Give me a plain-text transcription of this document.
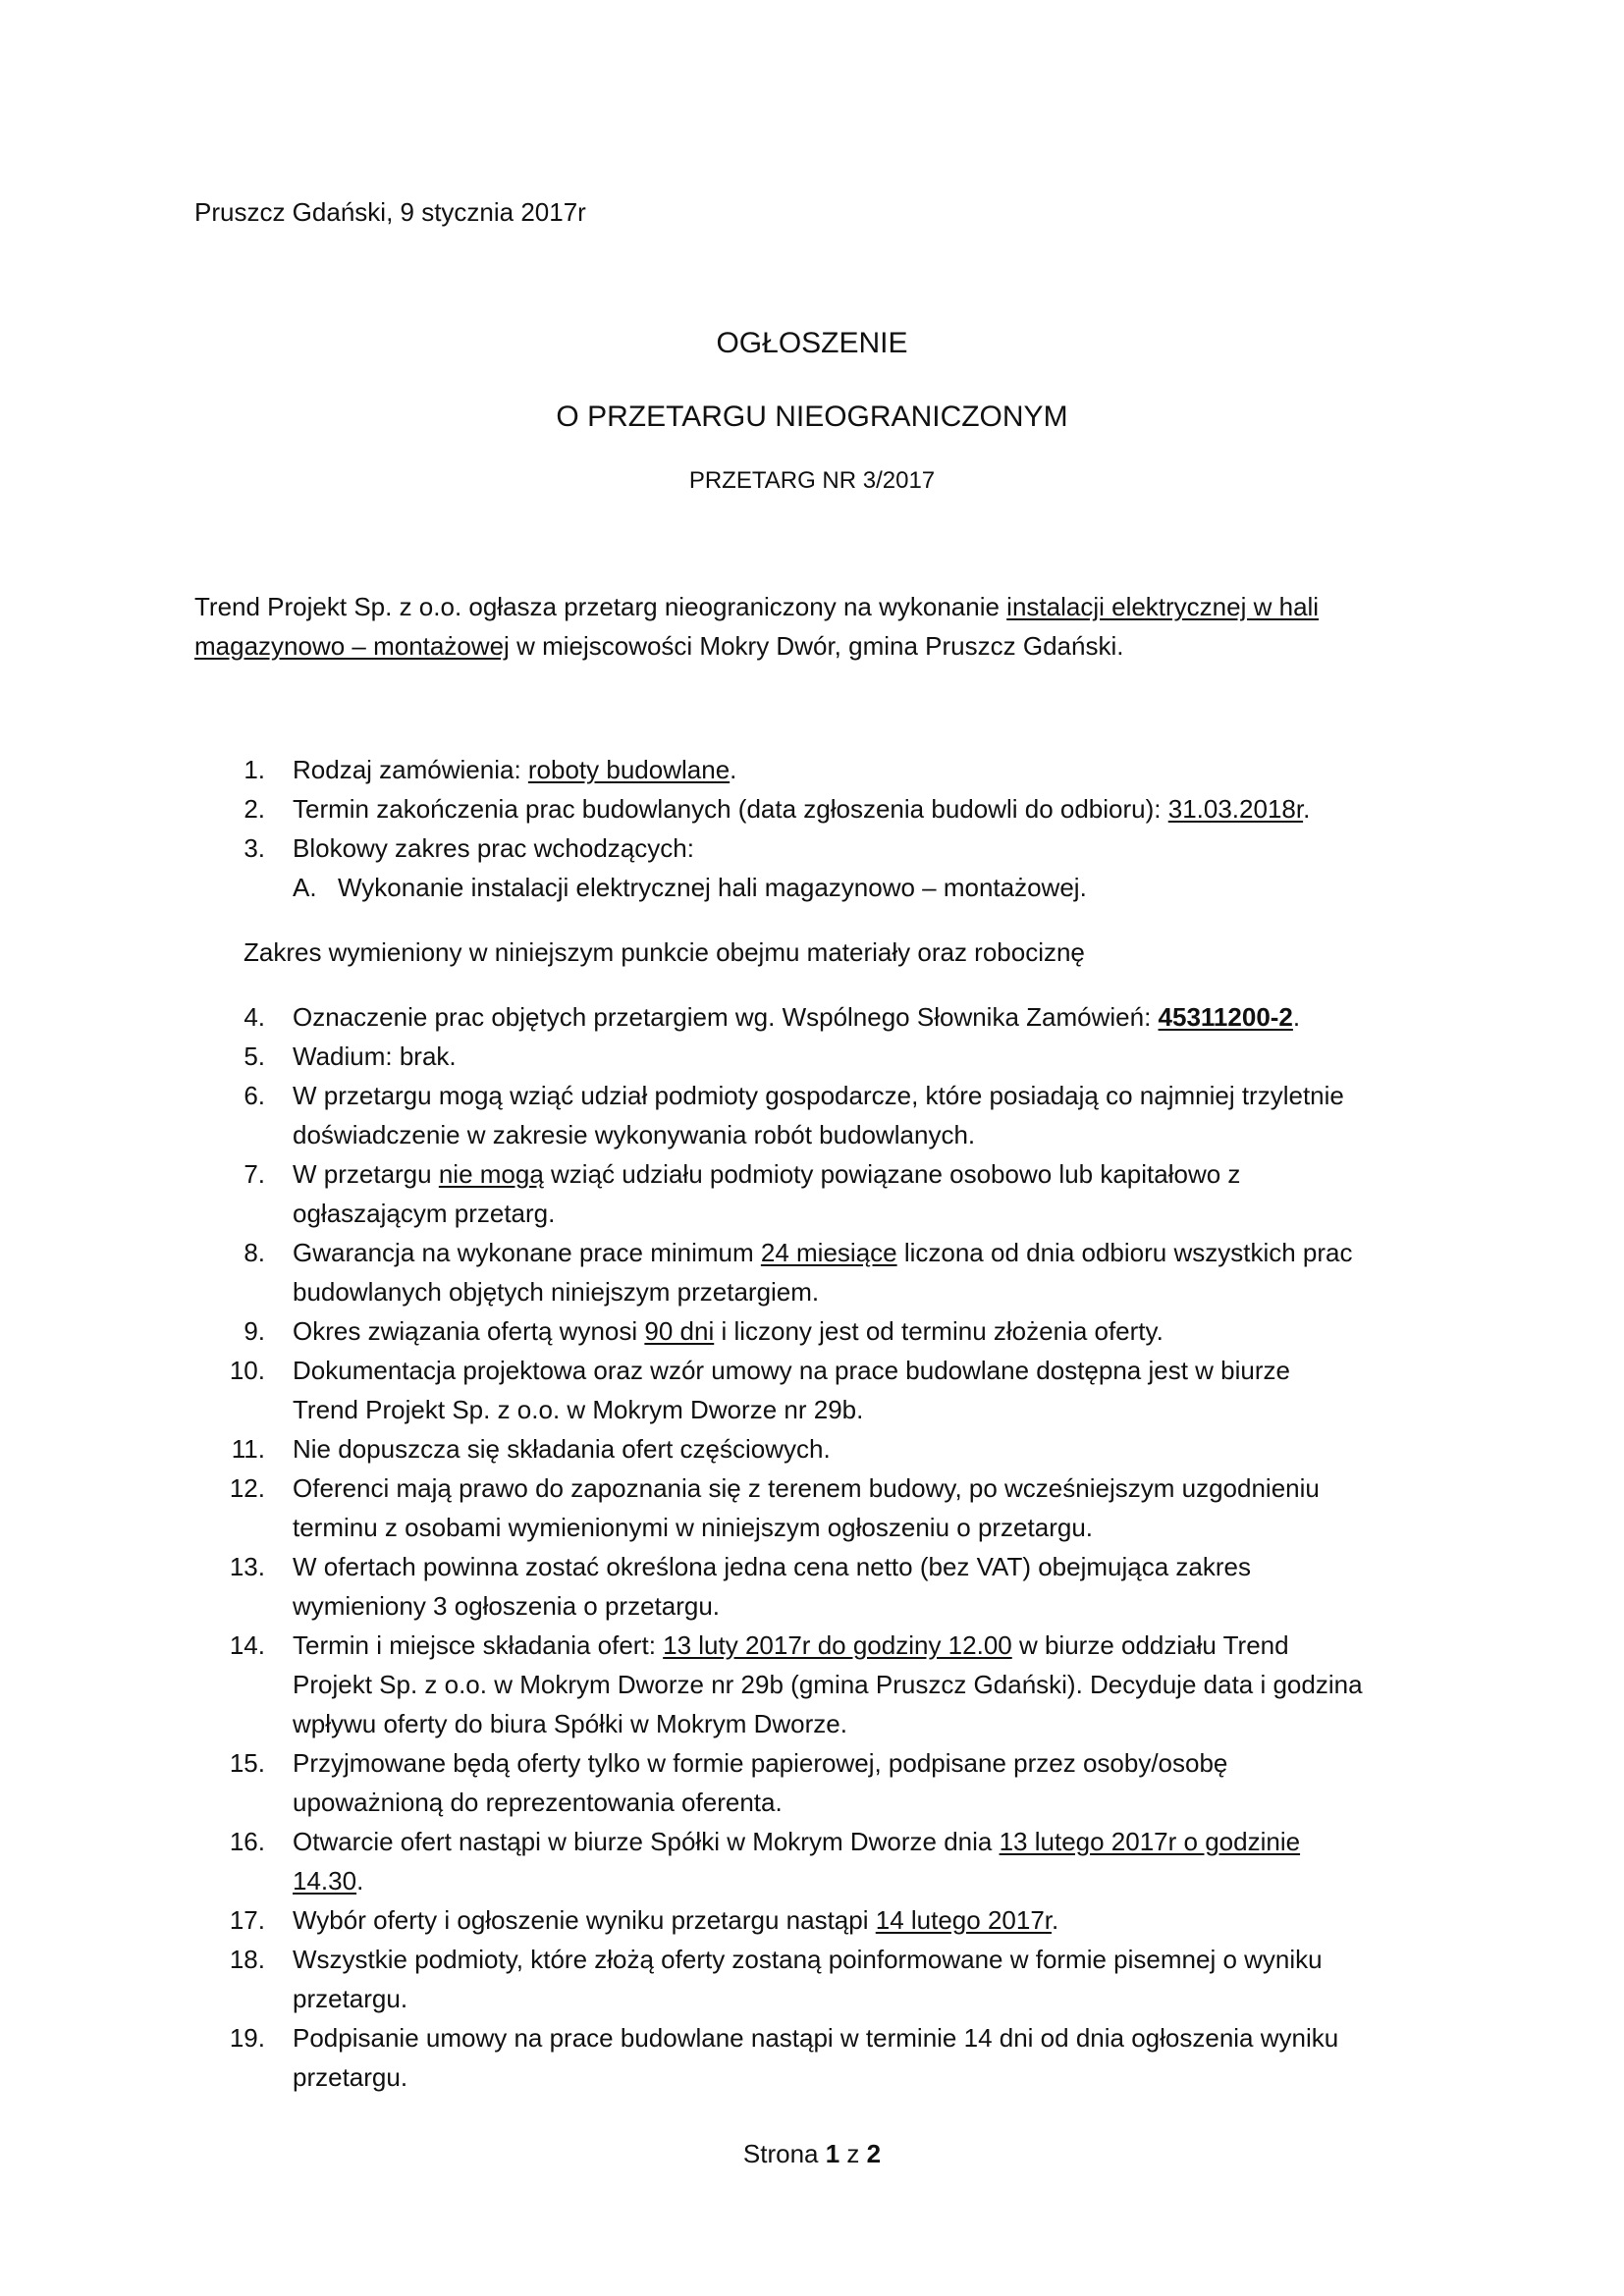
Pruszcz Gdański, 9 stycznia 2017r
OGŁOSZENIE
O PRZETARGU NIEOGRANICZONYM
PRZETARG NR 3/2017
Trend Projekt Sp. z o.o. ogłasza przetarg nieograniczony na wykonanie instalacji elektrycznej w hali
magazynowo – montażowej w miejscowości Mokry Dwór, gmina Pruszcz Gdański.
1. Rodzaj zamówienia: roboty budowlane.
2. Termin zakończenia prac budowlanych (data zgłoszenia budowli do odbioru): 31.03.2018r.
3. Blokowy zakres prac wchodzących:
A. Wykonanie instalacji elektrycznej hali magazynowo – montażowej.
Zakres wymieniony w niniejszym punkcie obejmu materiały oraz robociznę
4. Oznaczenie prac objętych przetargiem wg. Wspólnego Słownika Zamówień: 45311200-2.
5. Wadium: brak.
6. W przetargu mogą wziąć udział podmioty gospodarcze, które posiadają co najmniej trzyletnie
doświadczenie w zakresie wykonywania robót budowlanych.
7. W przetargu nie mogą wziąć udziału podmioty powiązane osobowo lub kapitałowo z
ogłaszającym przetarg.
8. Gwarancja na wykonane prace minimum 24 miesiące liczona od dnia odbioru wszystkich prac
budowlanych objętych niniejszym przetargiem.
9. Okres związania ofertą wynosi 90 dni i liczony jest od terminu złożenia oferty.
10. Dokumentacja projektowa oraz wzór umowy na prace budowlane dostępna jest w biurze
Trend Projekt Sp. z o.o. w Mokrym Dworze nr 29b.
11. Nie dopuszcza się składania ofert częściowych.
12. Oferenci mają prawo do zapoznania się z terenem budowy, po wcześniejszym uzgodnieniu
terminu z osobami wymienionymi w niniejszym ogłoszeniu o przetargu.
13. W ofertach powinna zostać określona jedna cena netto (bez VAT) obejmująca zakres
wymieniony 3 ogłoszenia o przetargu.
14. Termin i miejsce składania ofert: 13 luty 2017r do godziny 12.00 w biurze oddziału Trend
Projekt Sp. z o.o. w Mokrym Dworze nr 29b (gmina Pruszcz Gdański). Decyduje data i godzina
wpływu oferty do biura Spółki w Mokrym Dworze.
15. Przyjmowane będą oferty tylko w formie papierowej, podpisane przez osoby/osobę
upoważnioną do reprezentowania oferenta.
16. Otwarcie ofert nastąpi w biurze Spółki w Mokrym Dworze dnia 13 lutego 2017r o godzinie
14.30.
17. Wybór oferty i ogłoszenie wyniku przetargu nastąpi 14 lutego 2017r.
18. Wszystkie podmioty, które złożą oferty zostaną poinformowane w formie pisemnej o wyniku
przetargu.
19. Podpisanie umowy na prace budowlane nastąpi w terminie 14 dni od dnia ogłoszenia wyniku
przetargu.
Strona 1 z 2
